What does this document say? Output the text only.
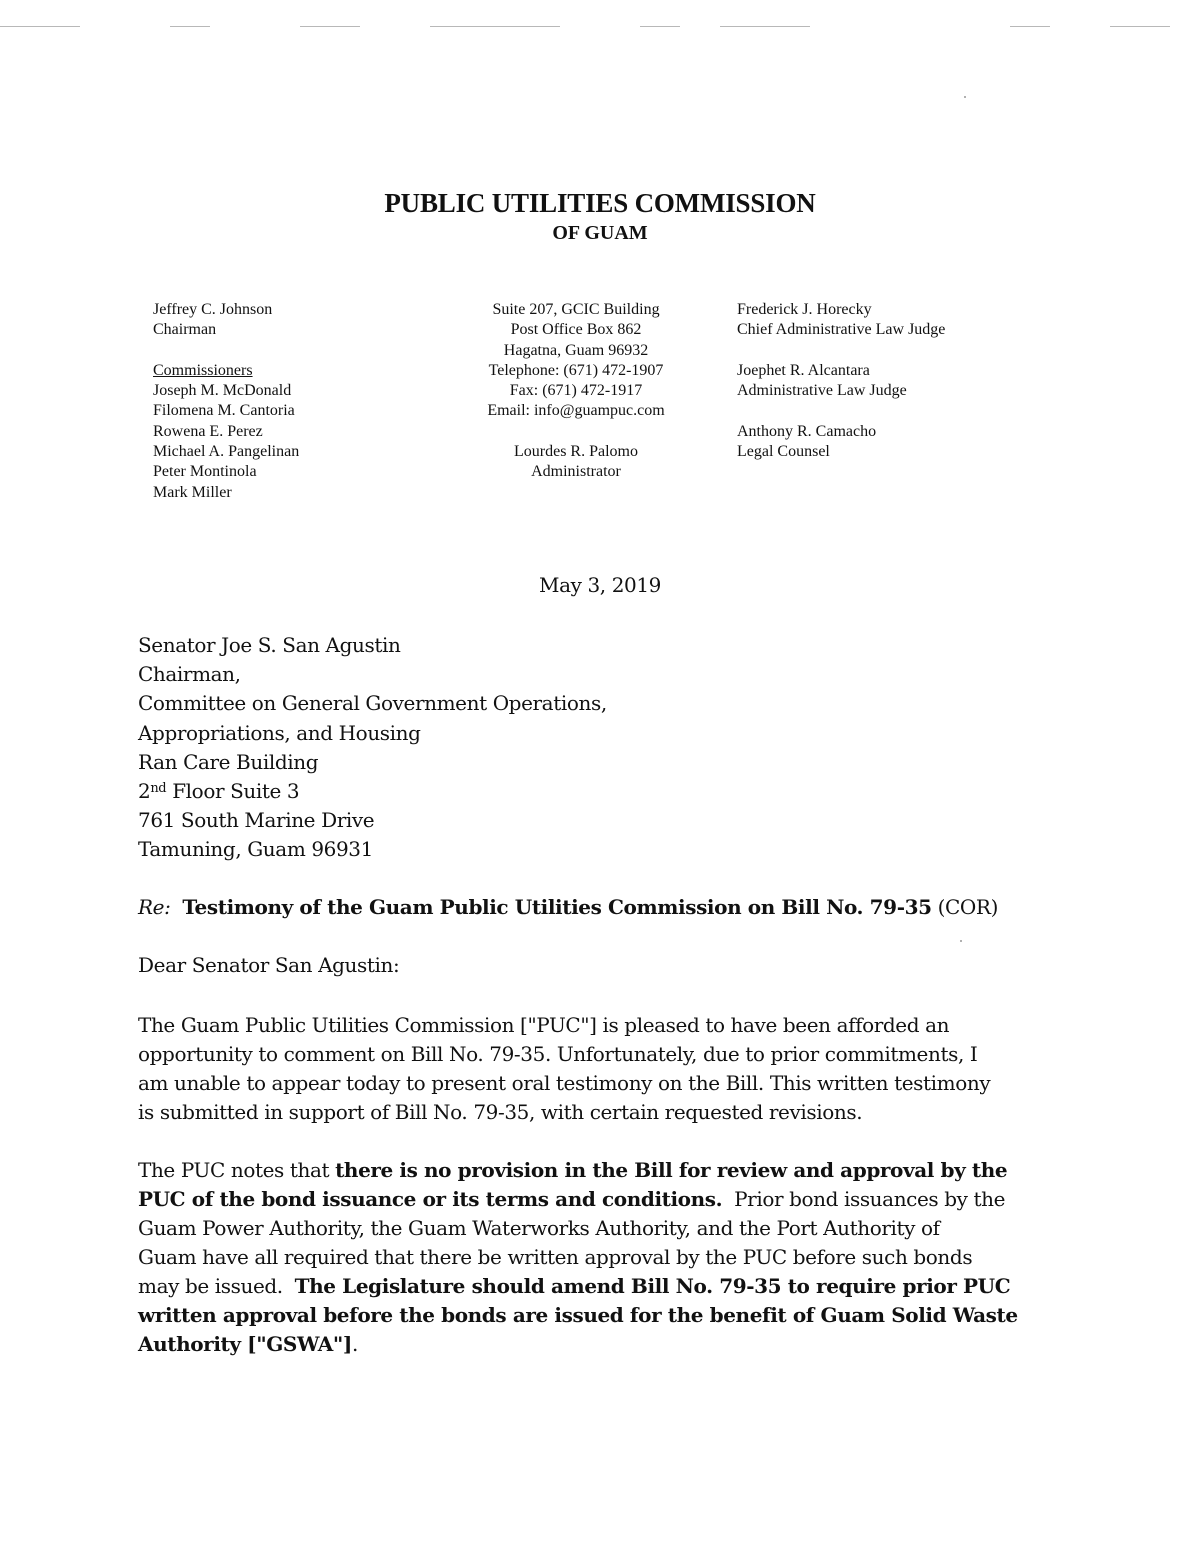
PUBLIC UTILITIES COMMISSION
OF GUAM
Jeffrey C. Johnson
Chairman
Commissioners
Joseph M. McDonald
Filomena M. Cantoria
Rowena E. Perez
Michael A. Pangelinan
Peter Montinola
Mark Miller
Suite 207, GCIC Building
Post Office Box 862
Hagatna, Guam 96932
Telephone: (671) 472-1907
Fax: (671) 472-1917
Email: info@guampuc.com
Lourdes R. Palomo
Administrator
Frederick J. Horecky
Chief Administrative Law Judge
Joephet R. Alcantara
Administrative Law Judge
Anthony R. Camacho
Legal Counsel
May 3, 2019
Senator Joe S. San Agustin
Chairman,
Committee on General Government Operations,
Appropriations, and Housing
Ran Care Building
2nd Floor Suite 3
761 South Marine Drive
Tamuning, Guam 96931
Re: Testimony of the Guam Public Utilities Commission on Bill No. 79-35 (COR)
Dear Senator San Agustin:
The Guam Public Utilities Commission ["PUC"] is pleased to have been afforded an
opportunity to comment on Bill No. 79-35. Unfortunately, due to prior commitments, I
am unable to appear today to present oral testimony on the Bill. This written testimony
is submitted in support of Bill No. 79-35, with certain requested revisions.
The PUC notes that there is no provision in the Bill for review and approval by the
PUC of the bond issuance or its terms and conditions.  Prior bond issuances by the
Guam Power Authority, the Guam Waterworks Authority, and the Port Authority of
Guam have all required that there be written approval by the PUC before such bonds
may be issued.  The Legislature should amend Bill No. 79-35 to require prior PUC
written approval before the bonds are issued for the benefit of Guam Solid Waste
Authority ["GSWA"].
